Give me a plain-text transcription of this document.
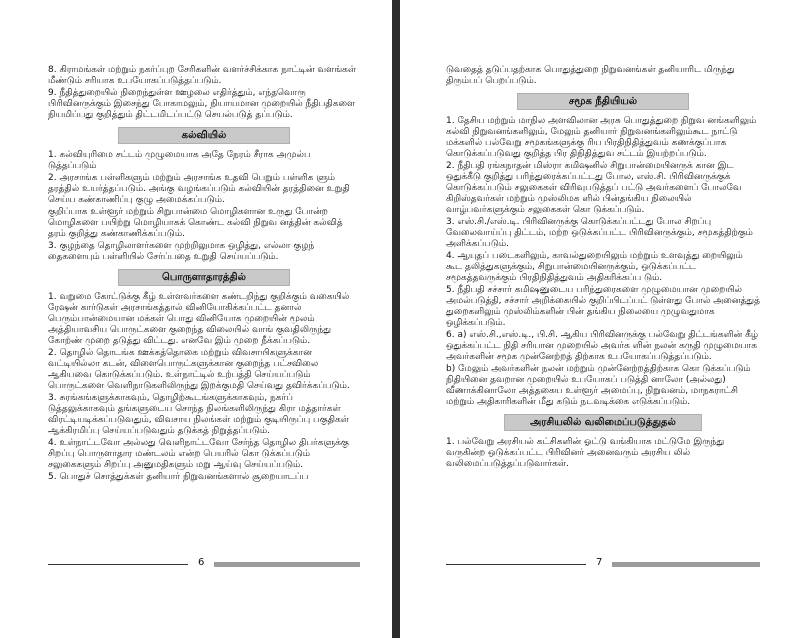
8. கிராமங்கள் மற்றும் நகர்ப்புற சேரிகளின் வளர்ச்சிக்காக நாட்டின் வளங்கள் மீண்டும் சரியாக உபயோகப்படுத்தப்படும்.

9. நீதித்துறையில் நிறைந்துள்ள ஊழலை எதிர்த்தும், எந்தவொரு பிரிவினருக்கும் இசைந்து போகாமலும், நியாயமான முறையில் நீதிபதிகளை நியமிப்பது குறித்தும் திட்டமிடப்பட்டு செயல்படுத் தப்படும்.

கல்வியில்

1. கல்வியுரிமை சட்டம் முழுமையாக அதே நேரம் சீராக அமுல்ப டுத்தப்படும்

2. அரசாங்க பள்ளிகளும் மற்றும் அரசாங்க உதவி பெறும் பள்ளிக ளும் தரத்தில் உயர்த்தப்படும். அங்கு வழங்கப்படும் கல்வியின் தரத்தினை உறுதி செய்ய கண்காணிப்பு குழு அமைக்கப்படும்.

குறிப்பாக உள்ளூர் மற்றும் சிறுபான்மை மொழிகளான உருது போன்ற மொழிகளை பயிற்று மொழியாகக் கொண்ட கல்வி நிறுவ னத்தின் கல்வித் தரம் குறித்து கண்காணிக்கப்படும்.

3. குழந்தை தொழிலாளர்களை முற்றிலுமாக ஒழித்து, எல்லா குழந் தைகளையும் பள்ளியில் சேர்ப்பதை உறுதி செய்யப்படும்.

பொருளாதாரத்தில்

1. வறுமை கோட்டுக்கு கீழ் உள்ளவர்களை கண்டறிந்து குறிக்கும் வகையில் ரேஷன் கார்டுகள் அரசாங்கத்தால் வினியோகிக்கப்பட்ட தனால் பெரும்பான்மையான மக்கள் பொது வினியோக முறையின் மூலம் அத்தியாவசிய பொருட்களை குறைந்த விலையில் வாங் குவதிலிருந்து கோற்ண் முறை தடுத்து விட்டது. எனவே இம் முறை நீக்கப்படும்.

2. தொழில் தொடங்க ஊக்கத்தொகை மற்றும் விவசாயிகளுக்கான வட்டியில்லா கடன், விளைபொருட்களுக்கான குறைந்த பட்சவிலை ஆகியவை கொடுக்கப்படும். உள்நாட்டில் உற்பத்தி செய்யப்படும் பொருட்களை வெளிநாடுகளிலிருந்து இறக்குமதி செய்வது தவிர்க்கப்படும்.

3. சுரங்கங்களுக்காகவும், தொழிற்கூடங்களுக்காகவும், நகர்ப் டுத்தலுக்காகவும் தங்களுடைய சொந்த நிலங்களிலிருந்து கிரா மத்தார்கள் விரட்டியடிக்கப்படுவதும், விவசாய நிலங்கள் மற்றும் குடியிருப்பு பகுதிகள் ஆக்கிரமிப்பு செய்யப்படுவதும் தடுக்கத் நிறுத்தப்படும்.

4. உள்நாட்டவோ அல்லது வெளிநாட்டவோ சேர்ந்த தொழில திபர்களுக்கு சிறப்பு பொருளாதார மண்டலம் என்ற பெயரில் கொ டுக்கப்படும் சலுகைகளும் சிறப்பு அனுமதிகளும் மறு ஆய்வு செய்யப்படும்.

5. பொதுச் சொத்துக்கள் தனியார் நிறுவனங்களால் சூறையாடப்ப

6

டுவதைத் தடுப்பதற்காக பொதுத்துறை நிறுவனங்கள் தனியாரிட மிருந்து திரும்பப் பெறப்படும்.

சமூக நீதியியல்

1. தேசிய மற்றும் மாநில அளவிலான அரசு பொதுத்துறை நிறுவ னங்களிலும் கல்வி நிறுவனங்களிலும், மேலும் தனியார் நிறுவனங்களிலும்கூட நாட்டு மக்களில் பல்வேறு சமூகங்களுக்கு ரிய பிரதிநிதித்துவம் கணக்குப்பாக கொடுக்கப்படுவது குறித்த பிர திநிதித்துவ சட்டம் இயற்றப்படும்.

2. நீதிபதி ரங்கநாதன் மிஸ்ரா கமிஷனில் சிறுபான்மையினருக் கான இட ஒதுக்கீடு குறித்து பரிந்துரைக்கப்பட்டது போல, எஸ்.சி. பிரிவினருக்குக் கொடுக்கப்படும் சலுகைகள் விரிவுபடுத்தப் பட்டு அவர்களைப் போலவே கிறிஸ்தவர்கள் மற்றும் முஸ்லிமக ளில் பின்தங்கிய நிலையில் வாழ்பவர்களுக்கும் சலுகைகள் கொ டுக்கப்படும்.

3. எஸ்.சி./எஸ்.டி. பிரிவினருக்கு கொடுக்கப்பட்டது போல சிறப்பு வேலைவாய்ப்பு திட்டம், மற்ற ஒடுக்கப்பட்ட பிரிவினருக்கும், சமூகத்திற்கும் அளிக்கப்படும்.

4. ஆயுதப் படைகளிலும், காவல்துறையிலும் மற்றும் உளவுத்து றையிலும் கூட தலித்துகளுக்கும், சிறுபான்மையினருக்கும், ஒடுக்கப்பட்ட சமூகத்தவருக்கும் பிரதிநிதித்துவம் அதிகரிக்கப்ப டும்.

5. நீதிபதி சச்சார் கமிஷனுடைய பரிந்துரைகளை முழுமையான முறையில் அமல்படுத்தி, சச்சார் அறிக்கையில் குறிப்பிடப்பட் டுள்ளது போல் அனைத்துத் துறைகளிலும் முஸ்லிம்களின் பின் தங்கிய நிலையை முழுவதுமாக ஒழிக்கப்படும்.

6. a) எஸ்.சி.,எஸ்.டி., பி.சி. ஆகிய பிரிவினருக்கு பல்வேறு திட்டங்களின் கீழ் ஒதுக்கப்பட்ட நிதி சரியான முறையில் அவர்க ளின் நலன் கருதி முழுமையாக அவர்களின் சமூக முன்னேற்றத் திற்காக உபயோகப்படுத்தப்படும்.

b) மேலும் அவர்களின் நலன் மற்றும் முன்னேற்றத்திற்காக கொ டுக்கப்படும் நிதியினை தவறான முறையில் உபயோகப் படுத்தி னாலோ (அல்லது) வீணாக்கினாலோ அத்தகைய உள்ளூர் அமைப்பு, நிறுவனம், மாநகராட்சி மற்றும் அதிகாரிகளின் மீது கடும் நடவடிக்கை எடுக்கப்படும்.

அரசியலில் வலிமைப்படுத்துதல்

1. பல்வேறு அரசியல் கட்சிகளின் ஓட்டு வங்கியாக மட்டுமே இருந்து வருகின்ற ஒடுக்கப்பட்ட பிரிவினர் அனைவரும் அரசிய லில் வலிமைப்படுத்தப்படுவார்கள்.

7
